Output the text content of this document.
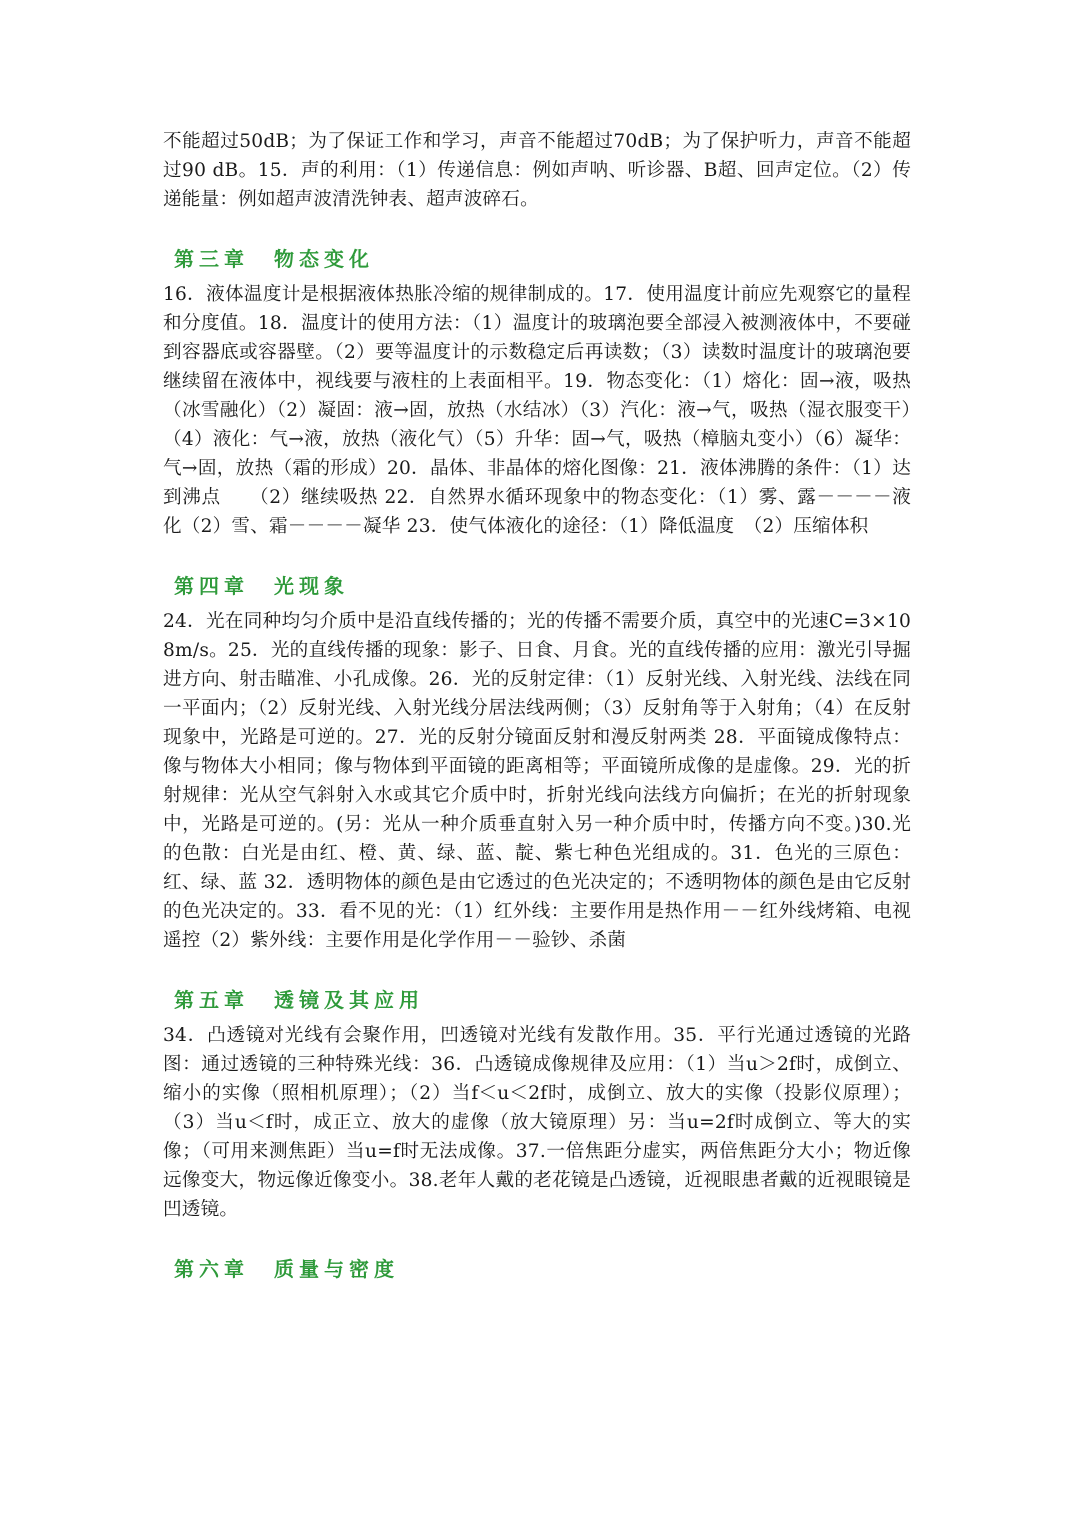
不能超过50dB；为了保证工作和学习，声音不能超过70dB；为了保护听力，声音不能超过90 dB。15．声的利用：（1）传递信息：例如声呐、听诊器、B超、回声定位。（2）传递能量：例如超声波清洗钟表、超声波碎石。

第三章　物态变化

16．液体温度计是根据液体热胀冷缩的规律制成的。17．使用温度计前应先观察它的量程和分度值。18．温度计的使用方法：（1）温度计的玻璃泡要全部浸入被测液体中，不要碰到容器底或容器壁。（2）要等温度计的示数稳定后再读数；（3）读数时温度计的玻璃泡要继续留在液体中，视线要与液柱的上表面相平。19．物态变化：（1）熔化：固→液，吸热（冰雪融化）（2）凝固：液→固，放热（水结冰）（3）汽化：液→气，吸热（湿衣服变干）（4）液化：气→液，放热（液化气）（5）升华：固→气，吸热（樟脑丸变小）（6）凝华：气→固，放热（霜的形成）20．晶体、非晶体的熔化图像：21．液体沸腾的条件：（1）达到沸点　　（2）继续吸热 22．自然界水循环现象中的物态变化：（1）雾、露－－－－液化（2）雪、霜－－－－凝华 23．使气体液化的途径：（1）降低温度　（2）压缩体积

第四章　光现象

24．光在同种均匀介质中是沿直线传播的；光的传播不需要介质，真空中的光速C=3×108m/s。25．光的直线传播的现象：影子、日食、月食。光的直线传播的应用：激光引导掘进方向、射击瞄准、小孔成像。26．光的反射定律：（1）反射光线、入射光线、法线在同一平面内；（2）反射光线、入射光线分居法线两侧；（3）反射角等于入射角；（4）在反射现象中，光路是可逆的。27．光的反射分镜面反射和漫反射两类 28．平面镜成像特点：像与物体大小相同；像与物体到平面镜的距离相等；平面镜所成像的是虚像。29．光的折射规律：光从空气斜射入水或其它介质中时，折射光线向法线方向偏折；在光的折射现象中，光路是可逆的。(另：光从一种介质垂直射入另一种介质中时，传播方向不变。)30.光的色散：白光是由红、橙、黄、绿、蓝、靛、紫七种色光组成的。31．色光的三原色：红、绿、蓝 32．透明物体的颜色是由它透过的色光决定的；不透明物体的颜色是由它反射的色光决定的。33．看不见的光：（1）红外线：主要作用是热作用－－红外线烤箱、电视遥控（2）紫外线：主要作用是化学作用－－验钞、杀菌

第五章　透镜及其应用

34．凸透镜对光线有会聚作用，凹透镜对光线有发散作用。35．平行光通过透镜的光路图：通过透镜的三种特殊光线：36．凸透镜成像规律及应用：（1）当u＞2f时，成倒立、缩小的实像（照相机原理）；（2）当f＜u＜2f时，成倒立、放大的实像（投影仪原理）；（3）当u＜f时，成正立、放大的虚像（放大镜原理）另：当u=2f时成倒立、等大的实像；（可用来测焦距）当u=f时无法成像。37.一倍焦距分虚实，两倍焦距分大小；物近像远像变大，物远像近像变小。38.老年人戴的老花镜是凸透镜，近视眼患者戴的近视眼镜是凹透镜。

第六章　质量与密度
